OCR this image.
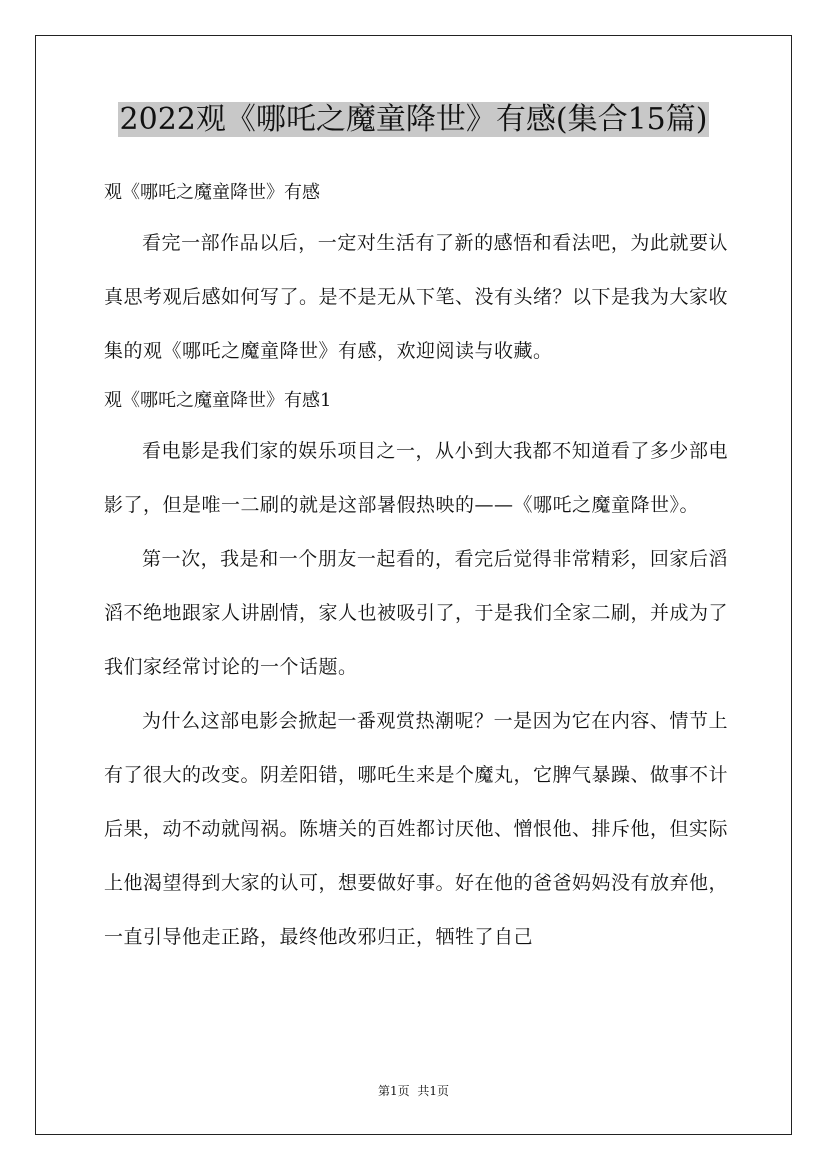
2022观《哪吒之魔童降世》有感(集合15篇)

观《哪吒之魔童降世》有感

看完一部作品以后，一定对生活有了新的感悟和看法吧，为此就要认真思考观后感如何写了。是不是无从下笔、没有头绪？以下是我为大家收集的观《哪吒之魔童降世》有感，欢迎阅读与收藏。

观《哪吒之魔童降世》有感1

看电影是我们家的娱乐项目之一，从小到大我都不知道看了多少部电影了，但是唯一二刷的就是这部暑假热映的——《哪吒之魔童降世》。

第一次，我是和一个朋友一起看的，看完后觉得非常精彩，回家后滔滔不绝地跟家人讲剧情，家人也被吸引了，于是我们全家二刷，并成为了我们家经常讨论的一个话题。

为什么这部电影会掀起一番观赏热潮呢？一是因为它在内容、情节上有了很大的改变。阴差阳错，哪吒生来是个魔丸，它脾气暴躁、做事不计后果，动不动就闯祸。陈塘关的百姓都讨厌他、憎恨他、排斥他，但实际上他渴望得到大家的认可，想要做好事。好在他的爸爸妈妈没有放弃他，一直引导他走正路，最终他改邪归正，牺牲了自己

第1页 共1页
